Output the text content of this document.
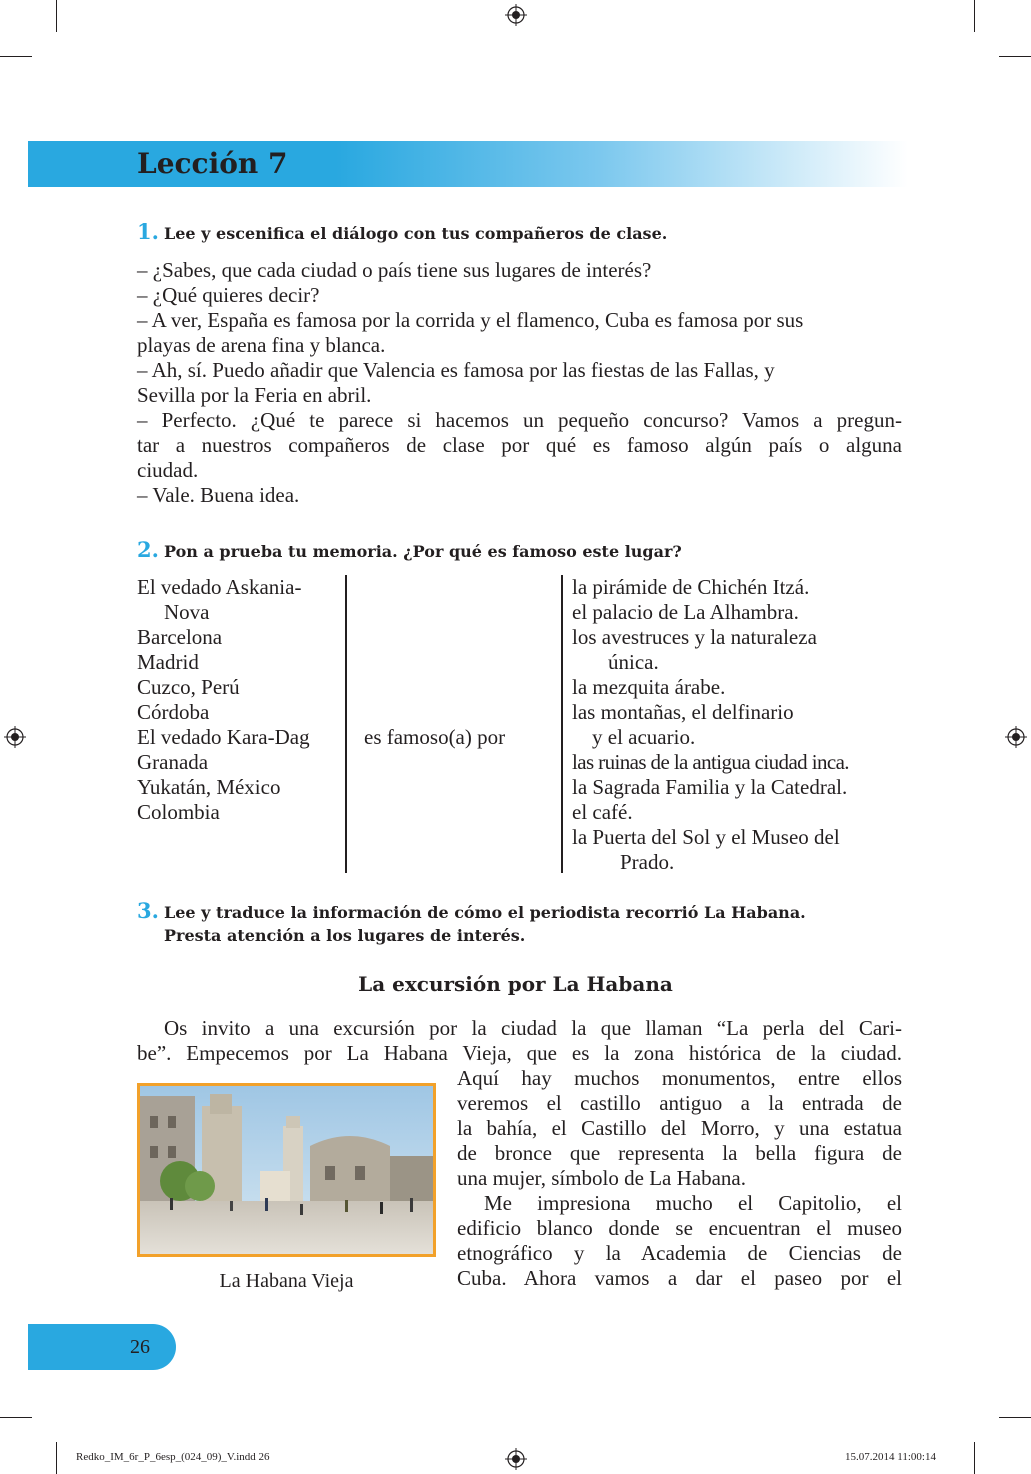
Lección 7
1. Lee y escenifica el diálogo con tus compañeros de clase.
– ¿Sabes, que cada ciudad o país tiene sus lugares de interés?
– ¿Qué quieres decir?
– A ver, España es famosa por la corrida y el flamenco, Cuba es famosa por sus
playas de arena fina y blanca.
– Ah, sí. Puedo añadir que Valencia es famosa por las fiestas de las Fallas, y
Sevilla por la Feria en abril.
– Perfecto. ¿Qué te parece si hacemos un pequeño concurso? Vamos a pregun-
tar a nuestros compañeros de clase por qué es famoso algún país o alguna
ciudad.
– Vale. Buena idea.
2. Pon a prueba tu memoria. ¿Por qué es famoso este lugar?
El vedado Askania-
Nova
Barcelona
Madrid
Cuzco, Perú
Córdoba
El vedado Kara-Dag
Granada
Yukatán, México
Colombia
es famoso(a) por
la pirámide de Chichén Itzá.
el palacio de La Alhambra.
los avestruces y la naturaleza
única.
la mezquita árabe.
las montañas, el delfinario
y el acuario.
las ruinas de la antigua ciudad inca.
la Sagrada Familia y la Catedral.
el café.
la Puerta del Sol y el Museo del
Prado.
3. Lee y traduce la información de cómo el periodista recorrió La Habana.
Presta atención a los lugares de interés.
La excursión por La Habana
Os invito a una excursión por la ciudad la que llaman “La perla del Cari-
be”. Empecemos por La Habana Vieja, que es la zona histórica de la ciudad.
Aquí hay muchos monumentos, entre ellos
veremos el castillo antiguo a la entrada de
la bahía, el Castillo del Morro, y una estatua
de bronce que representa la bella figura de
una mujer, símbolo de La Habana.
Me impresiona mucho el Capitolio, el
edificio blanco donde se encuentran el museo
etnográfico y la Academia de Ciencias de
Cuba. Ahora vamos a dar el paseo por el
La Habana Vieja
26
Redko_IM_6r_P_6esp_(024_09)_V.indd 26	15.07.2014 11:00:14
